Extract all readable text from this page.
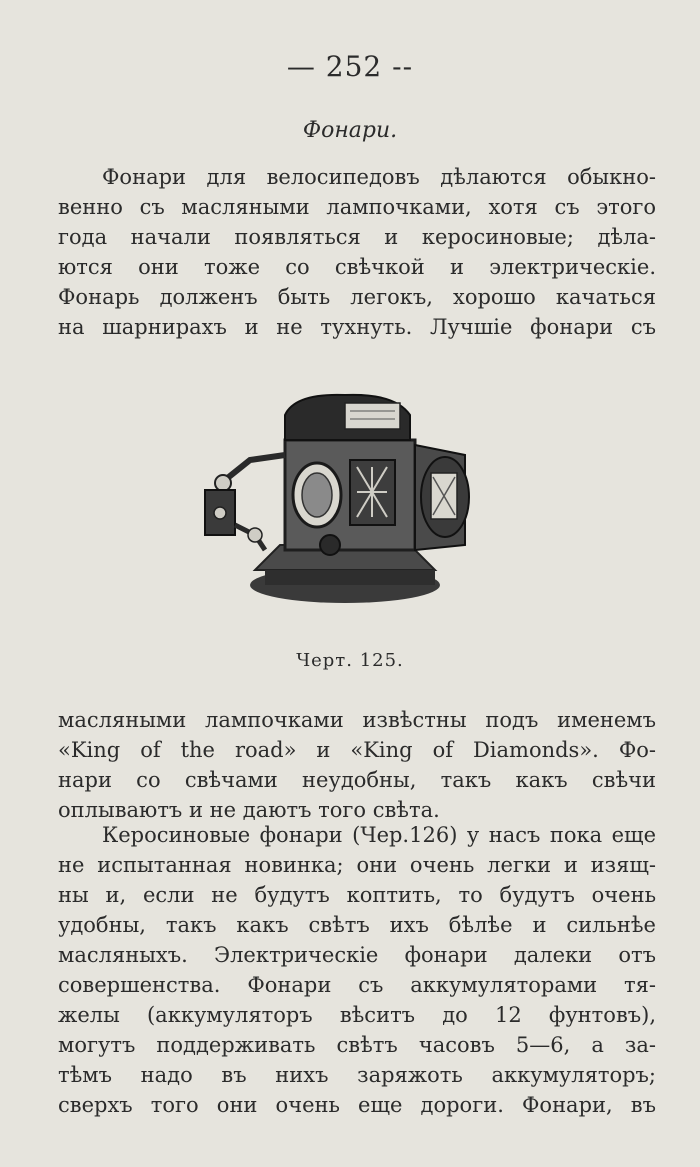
— 252 --
Фонари.

Фонари для велосипедовъ дѣлаются обыкно-
венно съ масляными лампочками, хотя съ этого
года начали появляться и керосиновые; дѣла-
ются они тоже со свѣчкой и электрическіе.
Фонарь долженъ быть легокъ, хорошо качаться
на шарнирахъ и не тухнуть. Лучшіе фонари съ

Черт. 125.

масляными лампочками извѣстны подъ именемъ
«King of the road» и «King of Diamonds». Фо-
нари со свѣчами неудобны, такъ какъ свѣчи
оплываютъ и не даютъ того свѣта.

Керосиновые фонари (Чер.126) у насъ пока еще
не испытанная новинка; они очень легки и изящ-
ны и, если не будутъ коптить, то будутъ очень
удобны, такъ какъ свѣтъ ихъ бѣлѣе и сильнѣе
масляныхъ. Электрическіе фонари далеки отъ
совершенства. Фонари съ аккумуляторами тя-
желы (аккумуляторъ вѣситъ до 12 фунтовъ),
могутъ поддерживать свѣтъ часовъ 5—6, а за-
тѣмъ надо въ нихъ заряжоть аккумуляторъ;
сверхъ того они очень еще дороги. Фонари, въ
